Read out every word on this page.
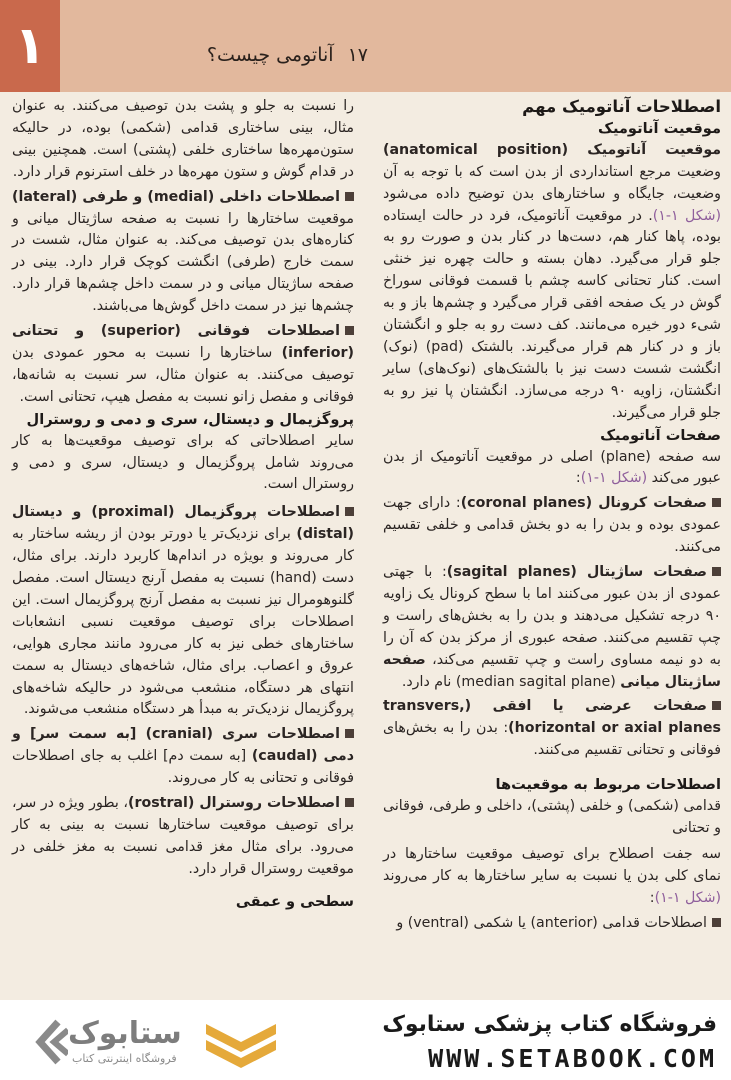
١	آناتومی چیست؟ ١٧

اصطلاحات آناتومیک مهم

موقعیت آناتومیک

موقعیت آناتومیک (anatomical position) وضعیت مرجع استانداردی از بدن است که با توجه به آن وضعیت، جایگاه و ساختارهای بدن توضیح داده می‌شود (شکل ۱-۱). در موقعیت آناتومیک، فرد در حالت ایستاده بوده، پاها کنار هم، دست‌ها در کنار بدن و صورت رو به جلو قرار می‌گیرد. دهان بسته و حالت چهره نیز خنثی است. کنار تحتانی کاسه چشم با قسمت فوقانی سوراخ گوش در یک صفحه افقی قرار می‌گیرد و چشم‌ها باز و به شیء دور خیره می‌مانند. کف دست رو به جلو و انگشتان باز و در کنار هم قرار می‌گیرند. بالشتک (pad) (نوک) انگشت شست دست نیز با بالشتک‌های (نوک‌های) سایر انگشتان، زاویه ۹۰ درجه می‌سازد. انگشتان پا نیز رو به جلو قرار می‌گیرند.

صفحات آناتومیک

سه صفحه (plane) اصلی در موقعیت آناتومیک از بدن عبور می‌کند (شکل ۱-۱):

صفحات کرونال (coronal planes): دارای جهت عمودی بوده و بدن را به دو بخش قدامی و خلفی تقسیم می‌کنند.

صفحات ساژیتال (sagital planes): با جهتی عمودی از بدن عبور می‌کنند اما با سطح کرونال یک زاویه ۹۰ درجه تشکیل می‌دهند و بدن را به بخش‌های راست و چپ تقسیم می‌کنند. صفحه عبوری از مرکز بدن که آن را به دو نیمه مساوی راست و چپ تقسیم می‌کند، صفحه ساژیتال میانی (median sagital plane) نام دارد.

صفحات عرضی یا افقی (transvers, horizontal or axial planes): بدن را به بخش‌های فوقانی و تحتانی تقسیم می‌کنند.

اصطلاحات مربوط به موقعیت‌ها

قدامی (شکمی) و خلفی (پشتی)، داخلی و طرفی، فوقانی و تحتانی

سه جفت اصطلاح برای توصیف موقعیت ساختارها در نمای کلی بدن یا نسبت به سایر ساختارها به کار می‌روند (شکل ۱-۱):

اصطلاحات قدامی (anterior) یا شکمی (ventral) و

را نسبت به جلو و پشت بدن توصیف می‌کنند. به عنوان مثال، بینی ساختاری قدامی (شکمی) بوده، در حالیکه ستون‌مهره‌ها ساختاری خلفی (پشتی) است. همچنین بینی در قدام گوش و ستون مهره‌ها در خلف استرنوم قرار دارد.

اصطلاحات داخلی (medial) و طرفی (lateral) موقعیت ساختارها را نسبت به صفحه ساژیتال میانی و کناره‌های بدن توصیف می‌کند. به عنوان مثال، شست در سمت خارج (طرفی) انگشت کوچک قرار دارد. بینی در صفحه ساژیتال میانی و در سمت داخل چشم‌ها قرار دارد. چشم‌ها نیز در سمت داخل گوش‌ها می‌باشند.

اصطلاحات فوقانی (superior) و تحتانی (inferior) ساختارها را نسبت به محور عمودی بدن توصیف می‌کنند. به عنوان مثال، سر نسبت به شانه‌ها، فوقانی و مفصل زانو نسبت به مفصل هیپ، تحتانی است.

پروگزیمال و دیستال، سری و دمی و روسترال

سایر اصطلاحاتی که برای توصیف موقعیت‌ها به کار می‌روند شامل پروگزیمال و دیستال، سری و دمی و روسترال است.

اصطلاحات پروگزیمال (proximal) و دیستال (distal) برای نزدیک‌تر یا دورتر بودن از ریشه ساختار به کار می‌روند و بویژه در اندام‌ها کاربرد دارند. برای مثال، دست (hand) نسبت به مفصل آرنج دیستال است. مفصل گلنوهومرال نیز نسبت به مفصل آرنج پروگزیمال است. این اصطلاحات برای توصیف موقعیت نسبی انشعابات ساختارهای خطی نیز به کار می‌رود مانند مجاری هوایی، عروق و اعصاب. برای مثال، شاخه‌های دیستال به سمت انتهای هر دستگاه، منشعب می‌شود در حالیکه شاخه‌های پروگزیمال نزدیک‌تر به مبدأ هر دستگاه منشعب می‌شوند.

اصطلاحات سری (cranial) [به سمت سر] و دمی (caudal) [به سمت دم] اغلب به جای اصطلاحات فوقانی و تحتانی به کار می‌روند.

اصطلاحات روسترال (rostral)، بطور ویژه در سر، برای توصیف موقعیت ساختارها نسبت به بینی به کار می‌رود. برای مثال مغز قدامی نسبت به مغز خلفی در موقعیت روسترال قرار دارد.

سطحی و عمقی

ستابوک
فروشگاه اینترنتی کتاب
فروشگاه کتاب پزشکی ستابوک
WWW.SETABOOK.COM
